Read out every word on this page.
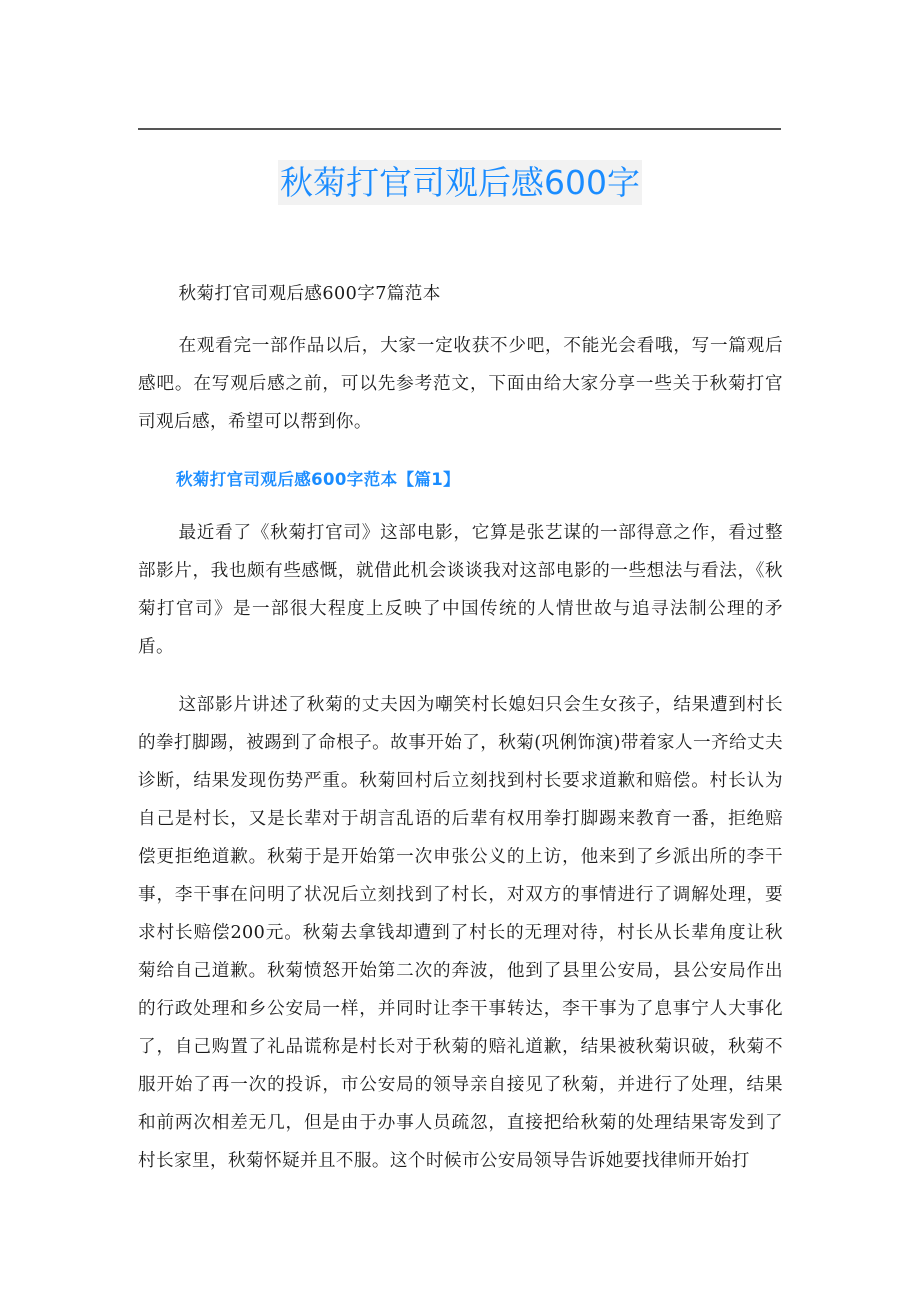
秋菊打官司观后感600字

秋菊打官司观后感600字7篇范本

在观看完一部作品以后，大家一定收获不少吧，不能光会看哦，写一篇观后感吧。在写观后感之前，可以先参考范文，下面由给大家分享一些关于秋菊打官司观后感，希望可以帮到你。

秋菊打官司观后感600字范本【篇1】

最近看了《秋菊打官司》这部电影，它算是张艺谋的一部得意之作，看过整部影片，我也颇有些感慨，就借此机会谈谈我对这部电影的一些想法与看法，《秋菊打官司》是一部很大程度上反映了中国传统的人情世故与追寻法制公理的矛盾。

这部影片讲述了秋菊的丈夫因为嘲笑村长媳妇只会生女孩子，结果遭到村长的拳打脚踢，被踢到了命根子。故事开始了，秋菊(巩俐饰演)带着家人一齐给丈夫诊断，结果发现伤势严重。秋菊回村后立刻找到村长要求道歉和赔偿。村长认为自己是村长，又是长辈对于胡言乱语的后辈有权用拳打脚踢来教育一番，拒绝赔偿更拒绝道歉。秋菊于是开始第一次申张公义的上访，他来到了乡派出所的李干事，李干事在问明了状况后立刻找到了村长，对双方的事情进行了调解处理，要求村长赔偿200元。秋菊去拿钱却遭到了村长的无理对待，村长从长辈角度让秋菊给自己道歉。秋菊愤怒开始第二次的奔波，他到了县里公安局，县公安局作出的行政处理和乡公安局一样，并同时让李干事转达，李干事为了息事宁人大事化了，自己购置了礼品谎称是村长对于秋菊的赔礼道歉，结果被秋菊识破，秋菊不服开始了再一次的投诉，市公安局的领导亲自接见了秋菊，并进行了处理，结果和前两次相差无几，但是由于办事人员疏忽，直接把给秋菊的处理结果寄发到了村长家里，秋菊怀疑并且不服。这个时候市公安局领导告诉她要找律师开始打
